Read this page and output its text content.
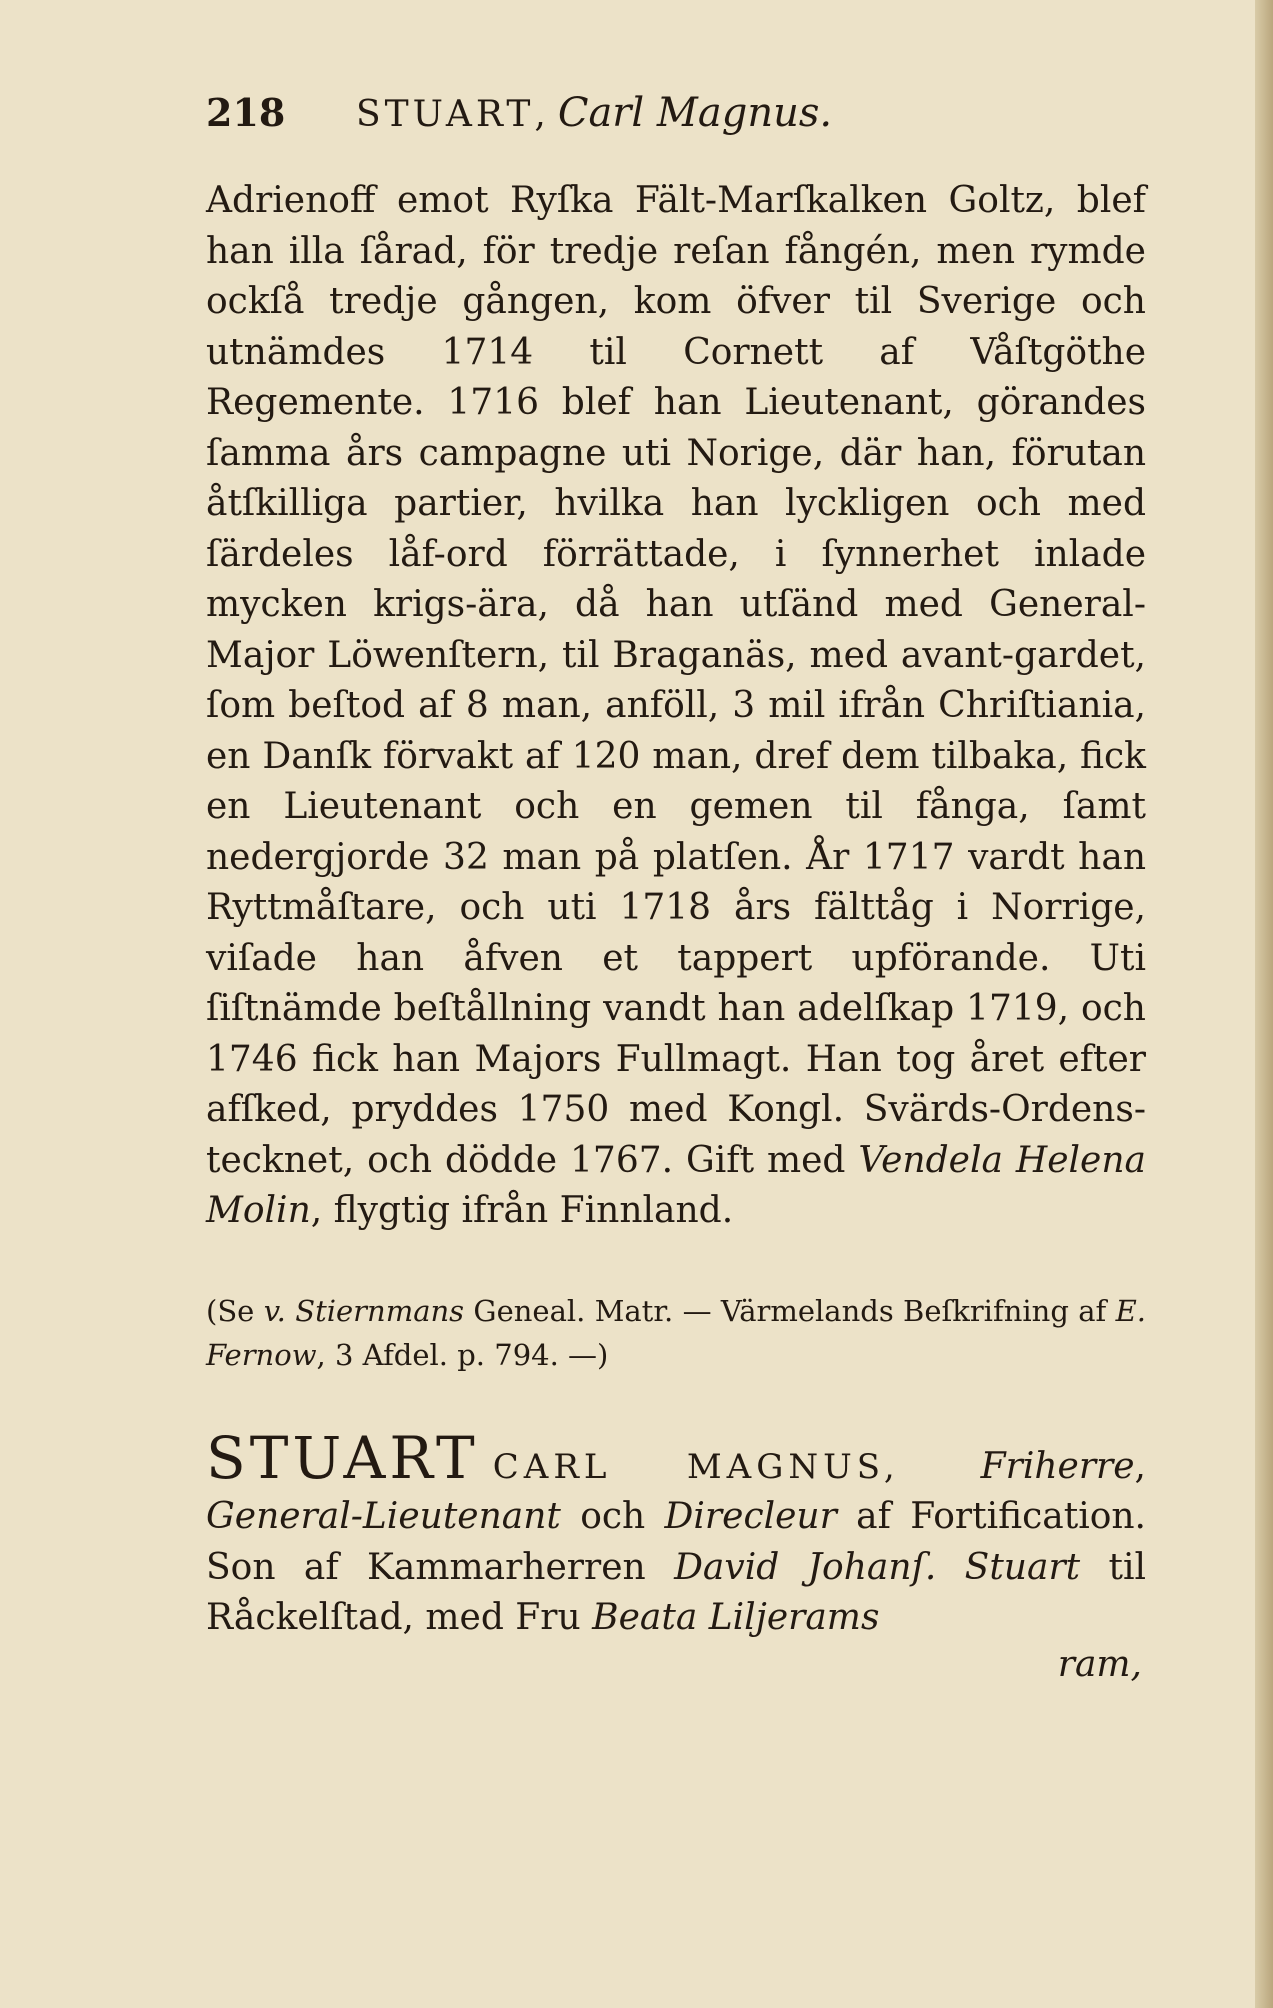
218	STUART , Carl Magnus.

Adrienoff emot Ryſka Fält-Marſkalken Goltz, blef han illa ſårad, för tredje reſan fångén, men rymde ockſå tredje gången, kom öfver til Sverige och utnämdes 1714 til Cornett af Våſtgöthe Regemente. 1716 blef han Lieutenant, görandes ſamma års campagne uti Norige, där han, förutan åtſkilliga partier, hvilka han lyckligen och med ſärdeles låf-ord förrättade, i ſynnerhet inlade mycken krigs-ära, då han utſänd med General-Major Löwenſtern, til Braganäs, med avant-gardet, ſom beſtod af 8 man, anföll, 3 mil ifrån Chriſtiania, en Danſk förvakt af 120 man, dref dem tilbaka, fick en Lieutenant och en gemen til fånga, ſamt nedergjorde 32 man på platſen. År 1717 vardt han Ryttmåſtare, och uti 1718 års fälttåg i Norrige, viſade han åfven et tappert upförande. Uti ſiſtnämde beſtållning vandt han adelſkap 1719, och 1746 fick han Majors Fullmagt. Han tog året efter afſked, pryddes 1750 med Kongl. Svärds-Ordens-tecknet, och dödde 1767. Gift med Vendela Helena Molin, flygtig ifrån Finnland.

(Se v. Stiernmans Geneal. Matr. — Värmelands Beſkrifning af E. Fernow, 3 Afdel. p. 794. —)

STUART CARL MAGNUS, Friherre, General-Lieutenant och Direcleur af Fortification. Son af Kammarherren David Johanſ. Stuart til Råckelſtad, med Fru Beata Liljerams

ram,
